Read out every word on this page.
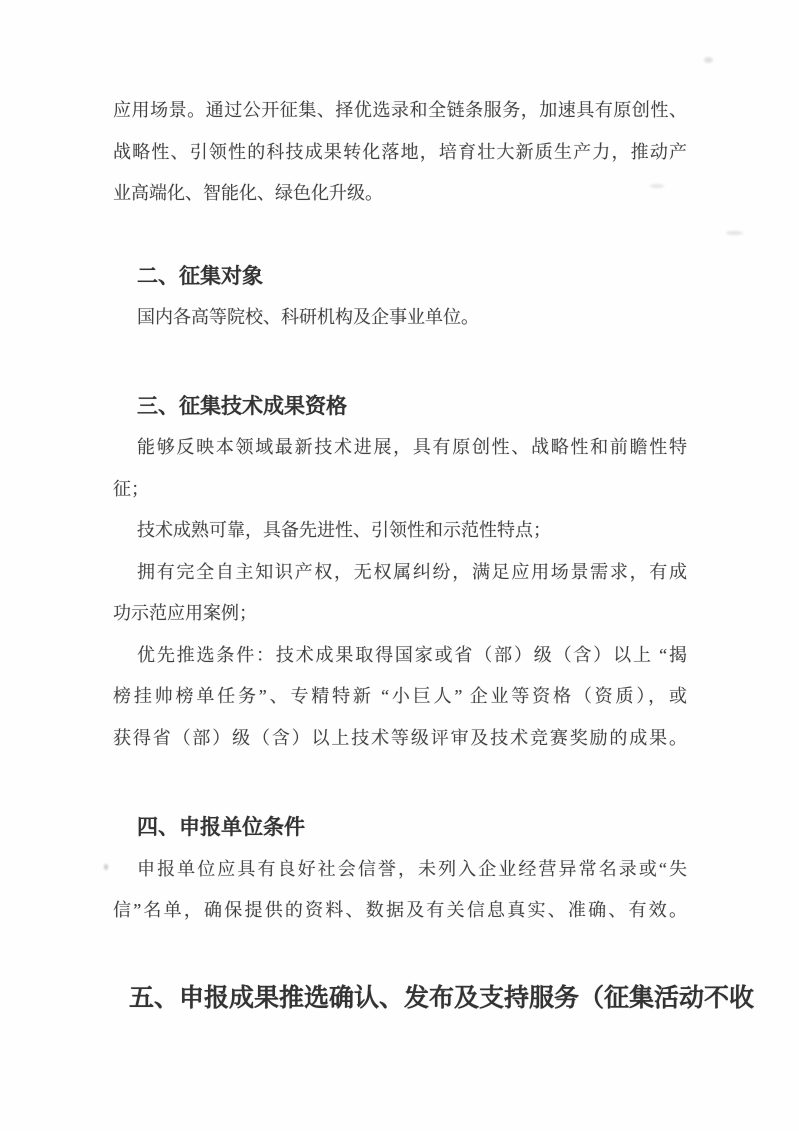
应用场景。通过公开征集、择优选录和全链条服务，加速具有原创性、
战略性、引领性的科技成果转化落地，培育壮大新质生产力，推动产
业高端化、智能化、绿色化升级。
二、征集对象
国内各高等院校、科研机构及企事业单位。
三、征集技术成果资格
能够反映本领域最新技术进展，具有原创性、战略性和前瞻性特
征；
技术成熟可靠，具备先进性、引领性和示范性特点；
拥有完全自主知识产权，无权属纠纷，满足应用场景需求，有成
功示范应用案例；
优先推选条件：技术成果取得国家或省（部）级（含）以上 “揭
榜挂帅榜单任务”、专精特新 “小巨人” 企业等资格（资质），或
获得省（部）级（含）以上技术等级评审及技术竞赛奖励的成果。
四、申报单位条件
申报单位应具有良好社会信誉，未列入企业经营异常名录或“失
信”名单，确保提供的资料、数据及有关信息真实、准确、有效。
五、申报成果推选确认、发布及支持服务（征集活动不收
